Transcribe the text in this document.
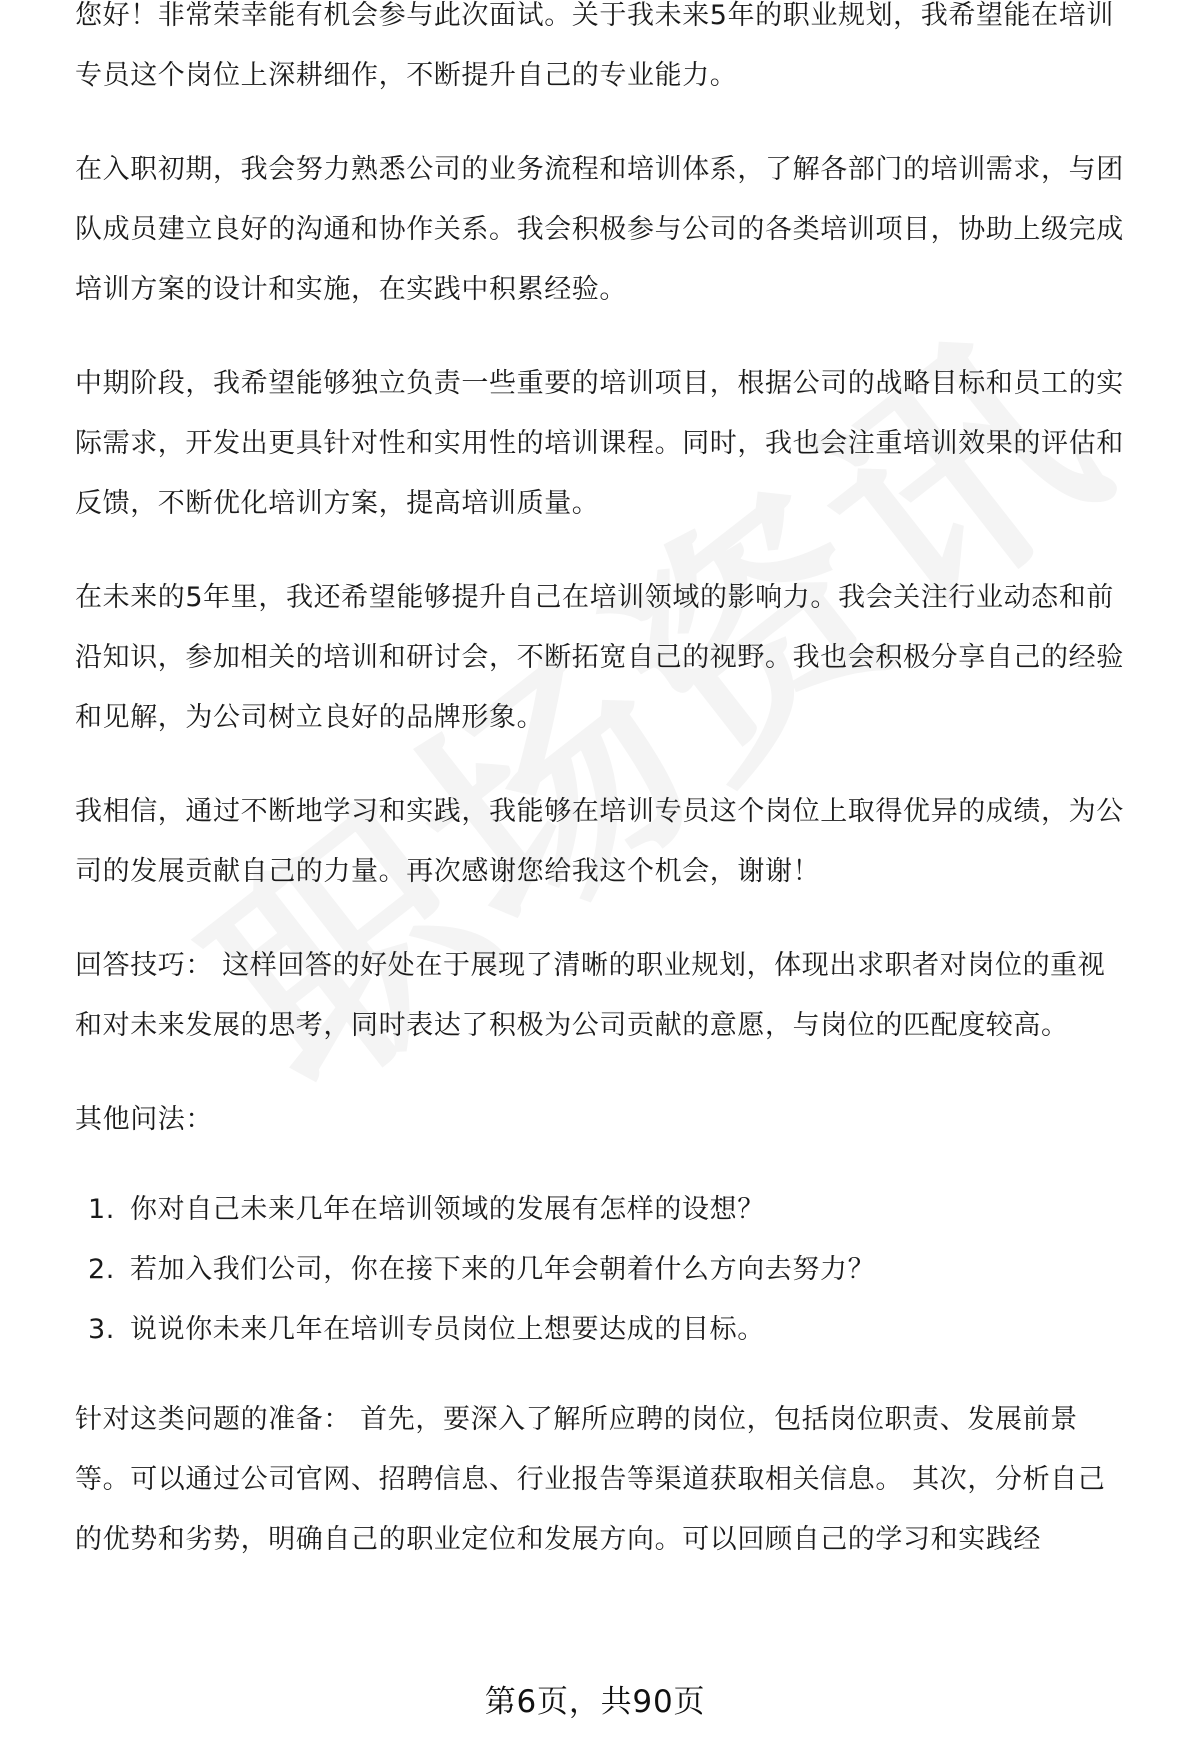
您好！非常荣幸能有机会参与此次面试。关于我未来5年的职业规划，我希望能在培训专员这个岗位上深耕细作，不断提升自己的专业能力。

在入职初期，我会努力熟悉公司的业务流程和培训体系，了解各部门的培训需求，与团队成员建立良好的沟通和协作关系。我会积极参与公司的各类培训项目，协助上级完成培训方案的设计和实施，在实践中积累经验。

中期阶段，我希望能够独立负责一些重要的培训项目，根据公司的战略目标和员工的实际需求，开发出更具针对性和实用性的培训课程。同时，我也会注重培训效果的评估和反馈，不断优化培训方案，提高培训质量。

在未来的5年里，我还希望能够提升自己在培训领域的影响力。我会关注行业动态和前沿知识，参加相关的培训和研讨会，不断拓宽自己的视野。我也会积极分享自己的经验和见解，为公司树立良好的品牌形象。

我相信，通过不断地学习和实践，我能够在培训专员这个岗位上取得优异的成绩，为公司的发展贡献自己的力量。再次感谢您给我这个机会，谢谢！

回答技巧： 这样回答的好处在于展现了清晰的职业规划，体现出求职者对岗位的重视和对未来发展的思考，同时表达了积极为公司贡献的意愿，与岗位的匹配度较高。

其他问法：

1. 你对自己未来几年在培训领域的发展有怎样的设想？
2. 若加入我们公司，你在接下来的几年会朝着什么方向去努力？
3. 说说你未来几年在培训专员岗位上想要达成的目标。

针对这类问题的准备： 首先，要深入了解所应聘的岗位，包括岗位职责、发展前景等。可以通过公司官网、招聘信息、行业报告等渠道获取相关信息。 其次，分析自己的优势和劣势，明确自己的职业定位和发展方向。可以回顾自己的学习和实践经

第6页，共90页
